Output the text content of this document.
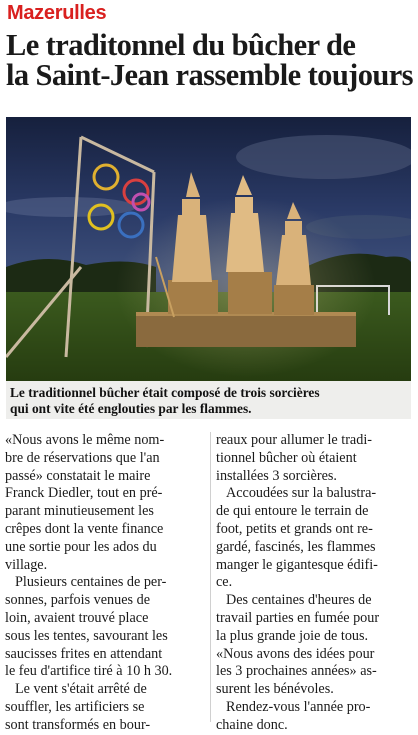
Mazerulles
Le traditonnel du bûcher de
la Saint-Jean rassemble toujours
Le traditionnel bûcher était composé de trois sorcières
qui ont vite été englouties par les flammes.
«Nous avons le même nom-
bre de réservations que l'an
passé» constatait le maire
Franck Diedler, tout en pré-
parant minutieusement les
crêpes dont la vente finance
une sortie pour les ados du
village.
Plusieurs centaines de per-
sonnes, parfois venues de
loin, avaient trouvé place
sous les tentes, savourant les
saucisses frites en attendant
le feu d'artifice tiré à 10 h 30.
Le vent s'était arrêté de
souffler, les artificiers se
sont transformés en bour-
reaux pour allumer le tradi-
tionnel bûcher où étaient
installées 3 sorcières.
Accoudées sur la balustra-
de qui entoure le terrain de
foot, petits et grands ont re-
gardé, fascinés, les flammes
manger le gigantesque édifi-
ce.
Des centaines d'heures de
travail parties en fumée pour
la plus grande joie de tous.
«Nous avons des idées pour
les 3 prochaines années» as-
surent les bénévoles.
Rendez-vous l'année pro-
chaine donc.
